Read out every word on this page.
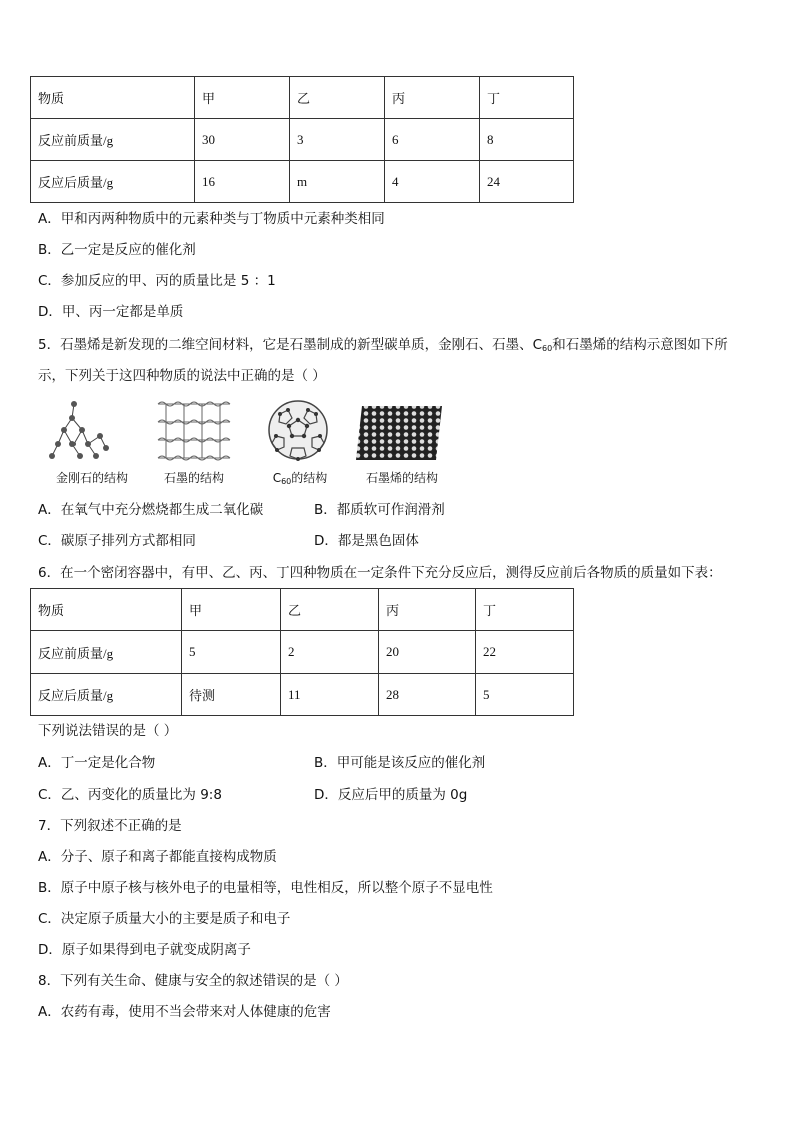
物质	甲	乙	丙	丁
反应前质量/g	30	3	6	8
反应后质量/g	16	m	4	24
A．甲和丙两种物质中的元素种类与丁物质中元素种类相同
B．乙一定是反应的催化剂
C．参加反应的甲、丙的质量比是 5 ：1
D．甲、丙一定都是单质
5．石墨烯是新发现的二维空间材料，它是石墨制成的新型碳单质，金刚石、石墨、$C_{60}$和石墨烯的结构示意图如下所
示，下列关于这四种物质的说法中正确的是（ ）
金刚石的结构	石墨的结构	$C_{60}$的结构	石墨烯的结构
A．在氧气中充分燃烧都生成二氧化碳	B．都质软可作润滑剂
C．碳原子排列方式都相同	D．都是黑色固体
6．在一个密闭容器中，有甲、乙、丙、丁四种物质在一定条件下充分反应后，测得反应前后各物质的质量如下表：
物质	甲	乙	丙	丁
反应前质量/g	5	2	20	22
反应后质量/g	待测	11	28	5
下列说法错误的是（ ）
A．丁一定是化合物	B．甲可能是该反应的催化剂
C．乙、丙变化的质量比为 9:8	D．反应后甲的质量为 0g
7．下列叙述不正确的是
A．分子、原子和离子都能直接构成物质
B．原子中原子核与核外电子的电量相等，电性相反，所以整个原子不显电性
C．决定原子质量大小的主要是质子和电子
D．原子如果得到电子就变成阴离子
8．下列有关生命、健康与安全的叙述错误的是（ ）
A．农药有毒，使用不当会带来对人体健康的危害
